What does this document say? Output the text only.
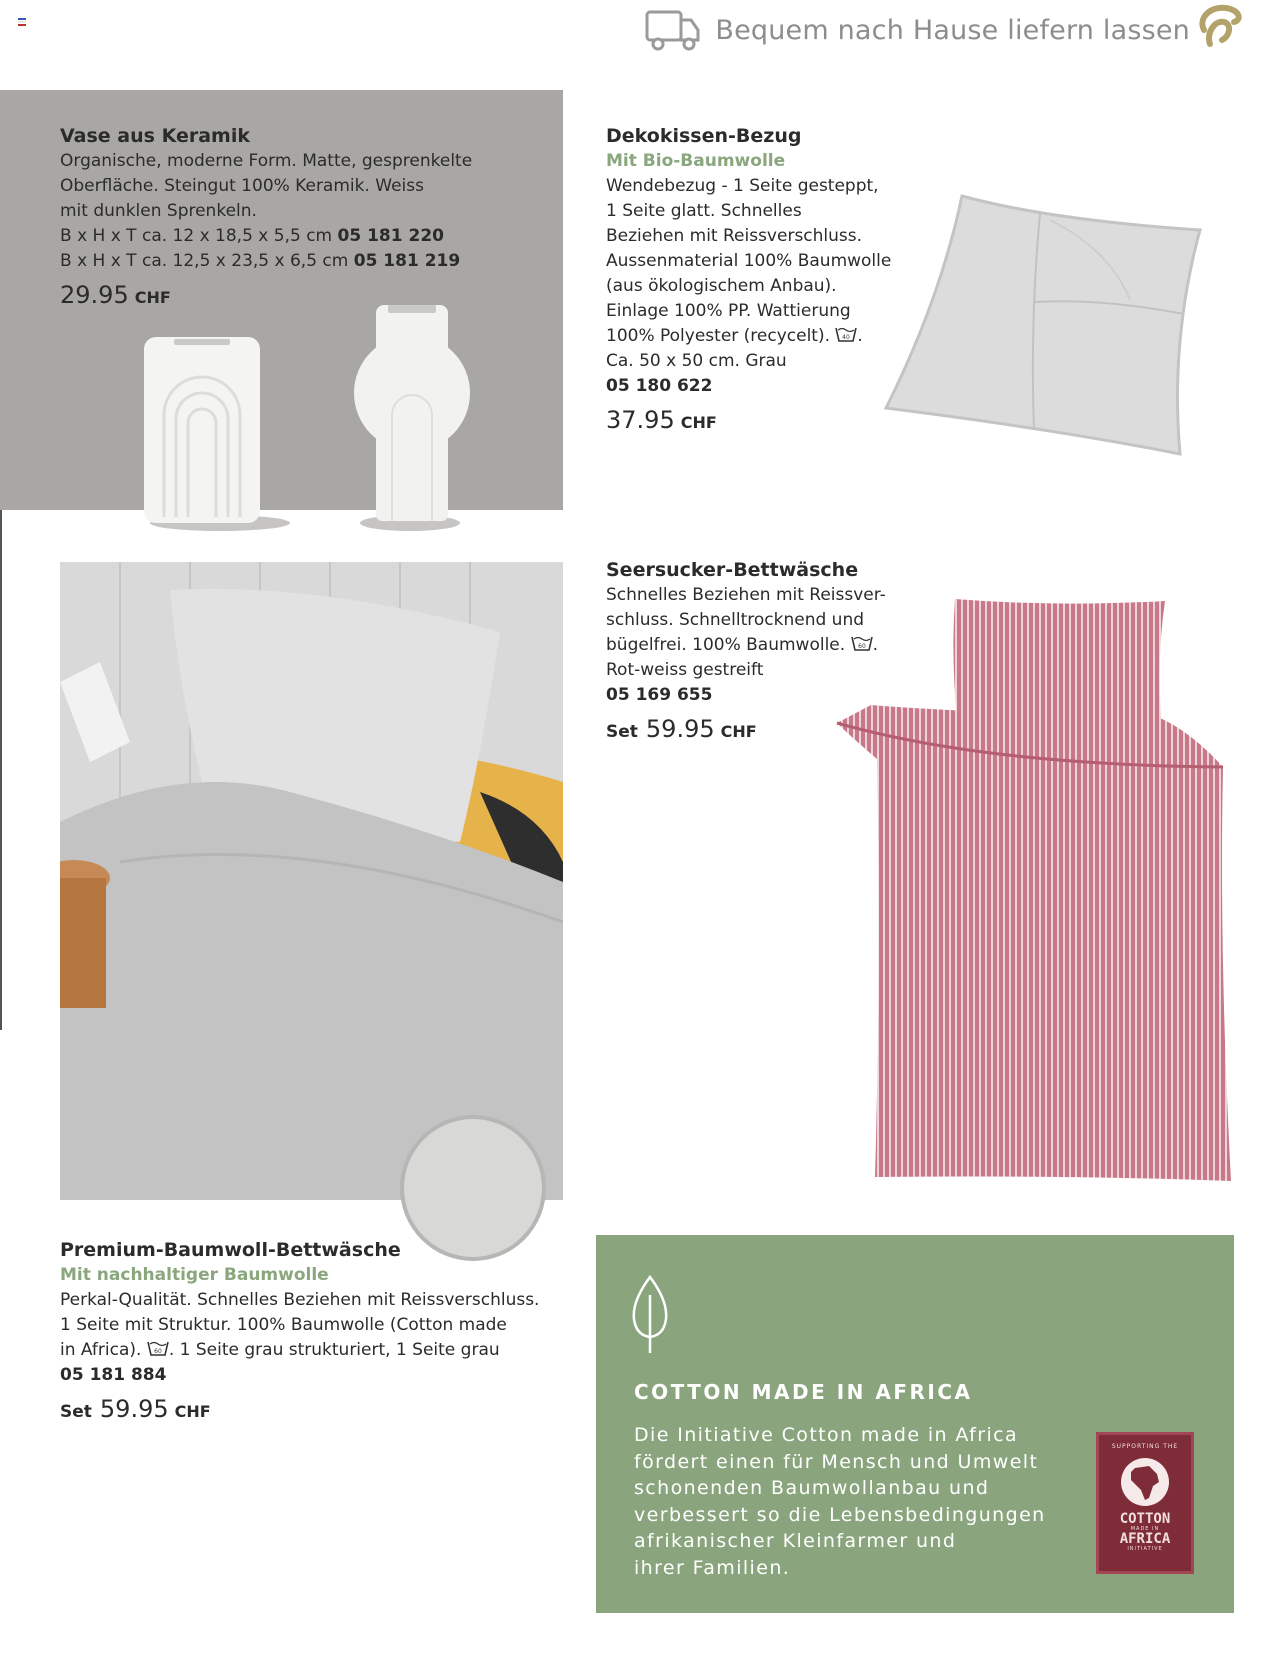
Bequem nach Hause liefern lassen
Vase aus Keramik
Organische, moderne Form. Matte, gesprenkelte
Oberfläche. Steingut 100% Keramik. Weiss
mit dunklen Sprenkeln.
B x H x T ca. 12 x 18,5 x 5,5 cm 05 181 220
B x H x T ca. 12,5 x 23,5 x 6,5 cm 05 181 219
29.95 CHF
Dekokissen-Bezug
Mit Bio-Baumwolle
Wendebezug - 1 Seite gesteppt,
1 Seite glatt. Schnelles
Beziehen mit Reissverschluss.
Aussenmaterial 100% Baumwolle
(aus ökologischem Anbau).
Einlage 100% PP. Wattierung
100% Polyester (recycelt). 40 .
Ca. 50 x 50 cm. Grau
05 180 622
37.95 CHF
Seersucker-Bettwäsche
Schnelles Beziehen mit Reissver-
schluss. Schnelltrocknend und
bügelfrei. 100% Baumwolle. 60 .
Rot-weiss gestreift
05 169 655
Set 59.95 CHF
Premium-Baumwoll-Bettwäsche
Mit nachhaltiger Baumwolle
Perkal-Qualität. Schnelles Beziehen mit Reissverschluss.
1 Seite mit Struktur. 100% Baumwolle (Cotton made
in Africa). 60 . 1 Seite grau strukturiert, 1 Seite grau
05 181 884
Set 59.95 CHF
COTTON MADE IN AFRICA
Die Initiative Cotton made in Africa
fördert einen für Mensch und Umwelt
schonenden Baumwollanbau und
verbessert so die Lebensbedingungen
afrikanischer Kleinfarmer und
ihrer Familien.
SUPPORTING THE
COTTON
MADE IN
AFRICA
INITIATIVE
